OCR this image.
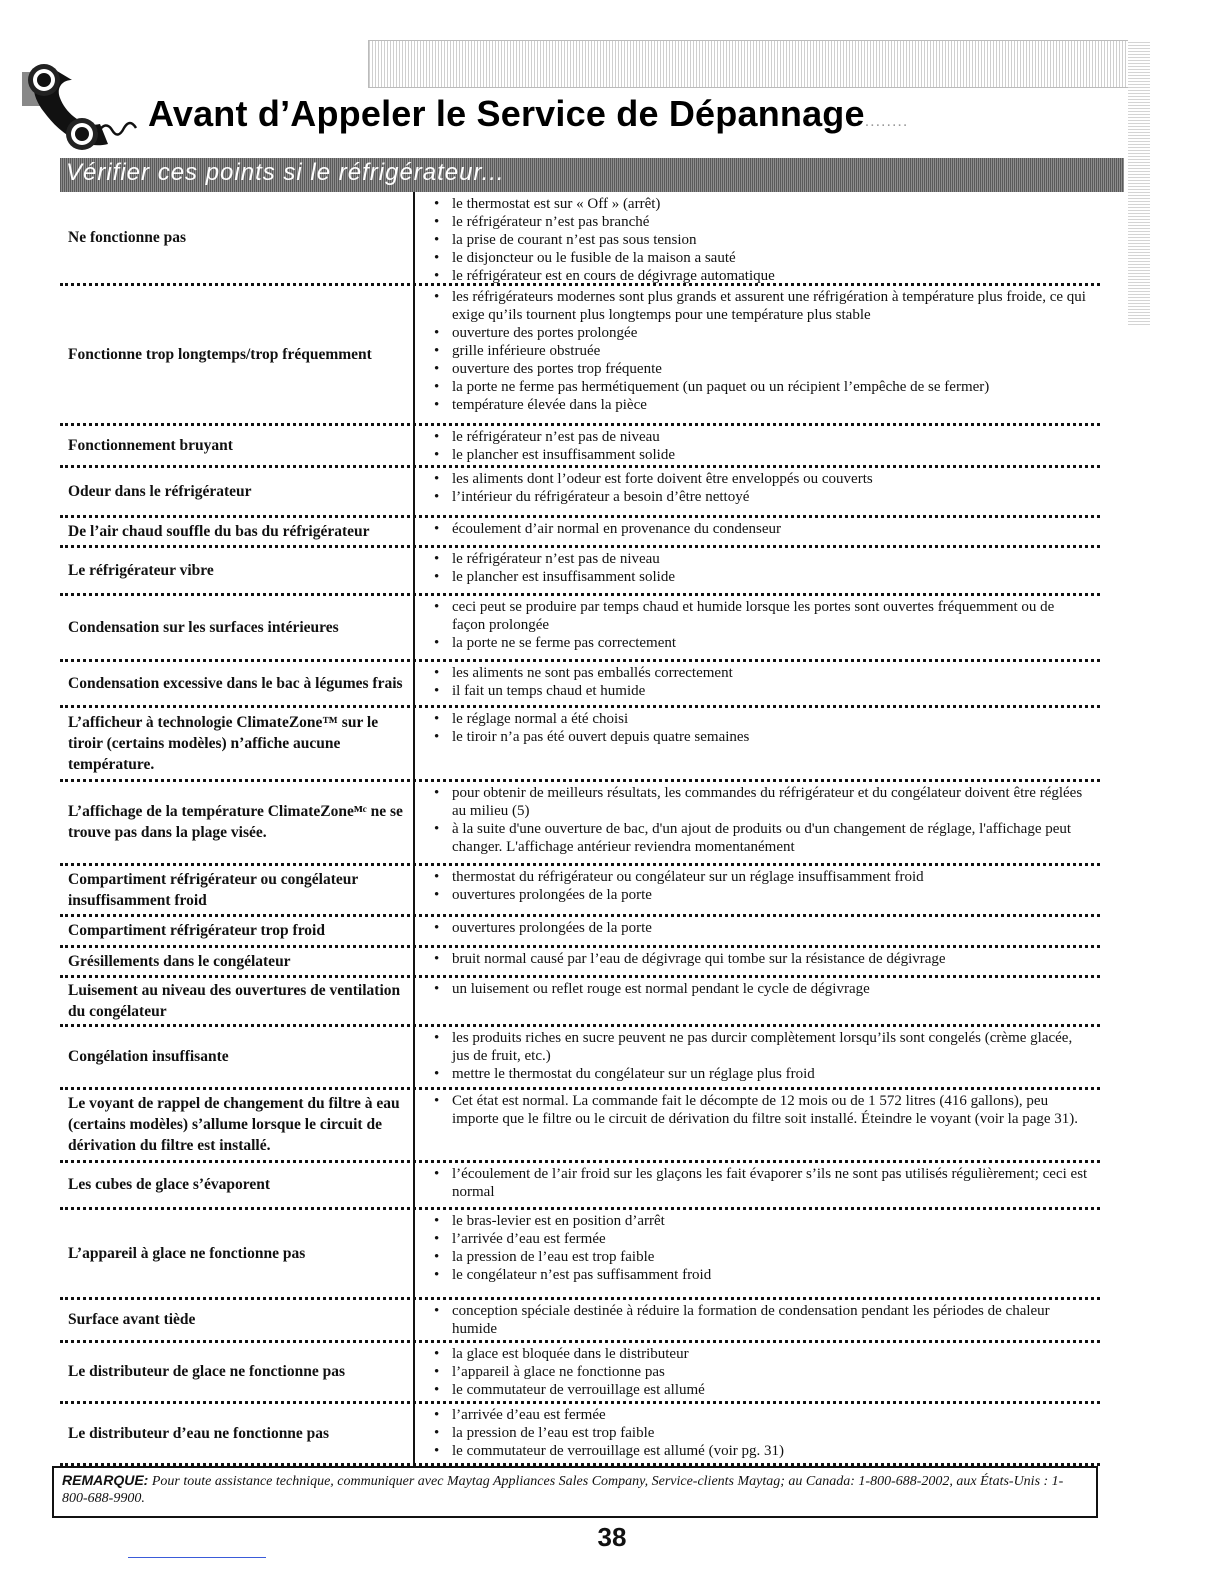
Avant d’Appeler le Service de Dépannage........
Vérifier ces points si le réfrigérateur...
Ne fonctionne pas
• le thermostat est sur « Off » (arrêt)
• le réfrigérateur n’est pas branché
• la prise de courant n’est pas sous tension
• le disjoncteur ou le fusible de la maison a sauté
• le réfrigérateur est en cours de dégivrage automatique
Fonctionne trop longtemps/trop fréquemment
• les réfrigérateurs modernes sont plus grands et assurent une réfrigération à température plus froide, ce qui exige qu’ils tournent plus longtemps pour une température plus stable
• ouverture des portes prolongée
• grille inférieure obstruée
• ouverture des portes trop fréquente
• la porte ne ferme pas hermétiquement (un paquet ou un récipient l’empêche de se fermer)
• température élevée dans la pièce
Fonctionnement bruyant	• le réfrigérateur n’est pas de niveau
• le plancher est insuffisamment solide
Odeur dans le réfrigérateur
• les aliments dont l’odeur est forte doivent être enveloppés ou couverts
• l’intérieur du réfrigérateur a besoin d’être nettoyé
De l’air chaud souffle du bas du réfrigérateur	• écoulement d’air normal en provenance du condenseur
Le réfrigérateur vibre
• le réfrigérateur n’est pas de niveau
• le plancher est insuffisamment solide
Condensation sur les surfaces intérieures
• ceci peut se produire par temps chaud et humide lorsque les portes sont ouvertes fréquemment ou de façon prolongée
• la porte ne se ferme pas correctement
Condensation excessive dans le bac à légumes frais
• les aliments ne sont pas emballés correctement
• il fait un temps chaud et humide
L’afficheur à technologie ClimateZone™ sur le tiroir (certains modèles) n’affiche aucune température.
• le réglage normal a été choisi
• le tiroir n’a pas été ouvert depuis quatre semaines
L’affichage de la température ClimateZoneᴹᶜ ne se trouve pas dans la plage visée.
• pour obtenir de meilleurs résultats, les commandes du réfrigérateur et du congélateur doivent être réglées au milieu (5)
• à la suite d'une ouverture de bac, d'un ajout de produits ou d'un changement de réglage, l'affichage peut changer. L'affichage antérieur reviendra momentanément
Compartiment réfrigérateur ou congélateur insuffisamment froid
• thermostat du réfrigérateur ou congélateur sur un réglage insuffisamment froid
• ouvertures prolongées de la porte
Compartiment réfrigérateur trop froid	• ouvertures prolongées de la porte
Grésillements dans le congélateur	• bruit normal causé par l’eau de dégivrage qui tombe sur la résistance de dégivrage
Luisement au niveau des ouvertures de ventilation du congélateur
• un luisement ou reflet rouge est normal pendant le cycle de dégivrage
Congélation insuffisante
• les produits riches en sucre peuvent ne pas durcir complètement lorsqu’ils sont congelés (crème glacée, jus de fruit, etc.)
• mettre le thermostat du congélateur sur un réglage plus froid
Le voyant de rappel de changement du filtre à eau (certains modèles) s’allume lorsque le circuit de dérivation du filtre est installé.
• Cet état est normal. La commande fait le décompte de 12 mois ou de 1 572 litres (416 gallons), peu importe que le filtre ou le circuit de dérivation du filtre soit installé. Éteindre le voyant (voir la page 31).
Les cubes de glace s’évaporent
• l’écoulement de l’air froid sur les glaçons les fait évaporer s’ils ne sont pas utilisés régulièrement; ceci est normal
L’appareil à glace ne fonctionne pas
• le bras-levier est en position d’arrêt
• l’arrivée d’eau est fermée
• la pression de l’eau est trop faible
• le congélateur n’est pas suffisamment froid
Surface avant tiède	• conception spéciale destinée à réduire la formation de condensation pendant les périodes de chaleur humide
Le distributeur de glace ne fonctionne pas
• la glace est bloquée dans le distributeur
• l’appareil à glace ne fonctionne pas
• le commutateur de verrouillage est allumé
Le distributeur d’eau ne fonctionne pas
• l’arrivée d’eau est fermée
• la pression de l’eau est trop faible
• le commutateur de verrouillage est allumé (voir pg. 31)
REMARQUE: Pour toute assistance technique, communiquer avec Maytag Appliances Sales Company, Service-clients Maytag; au Canada: 1-800-688-2002, aux États-Unis : 1-800-688-9900.
38
